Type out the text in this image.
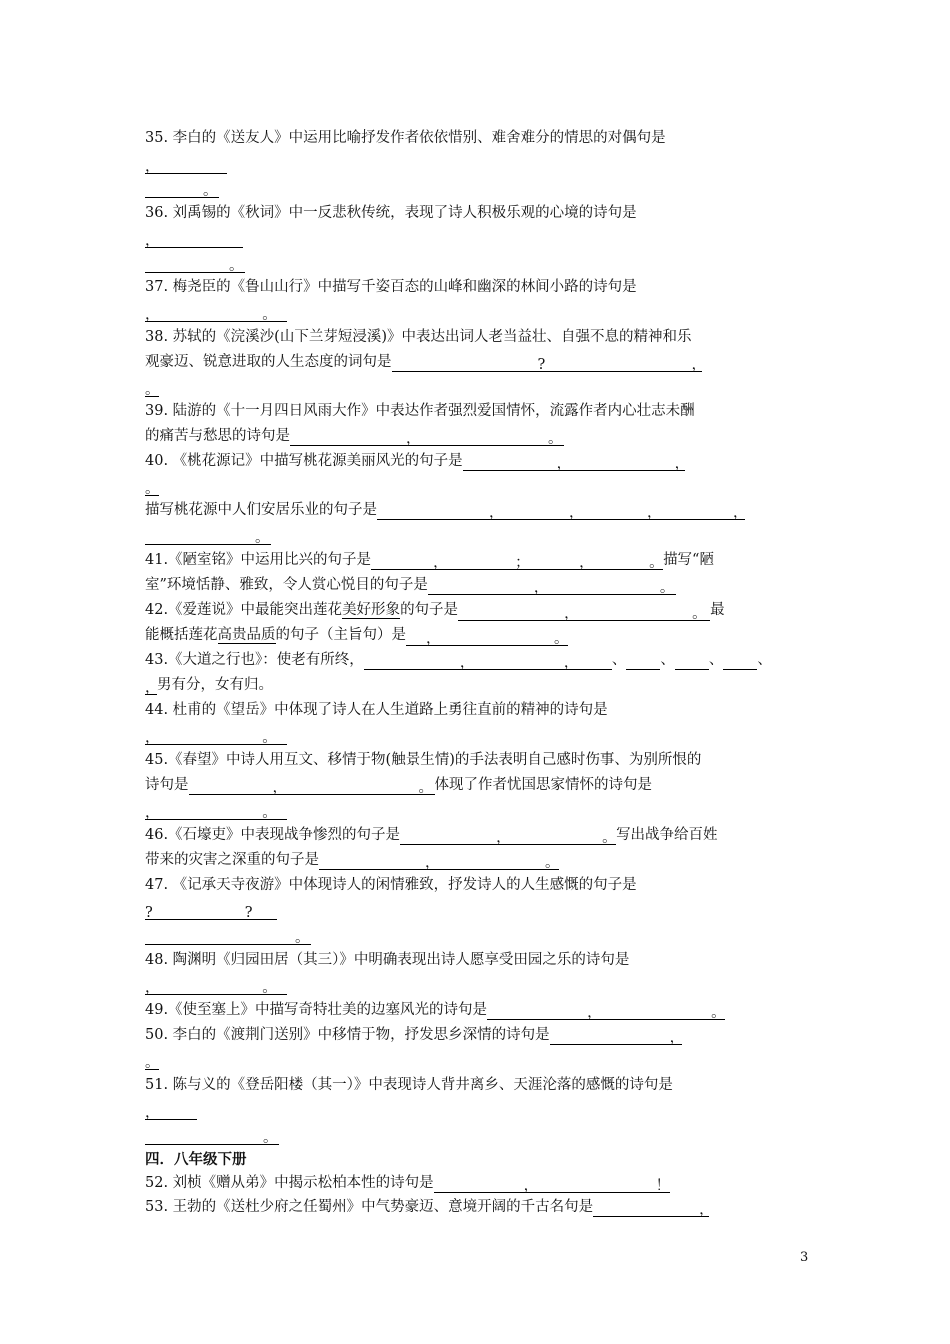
35. 李白的《送友人》中运用比喻抒发作者依依惜别、难舍难分的情思的对偶句是
，
。
36. 刘禹锡的《秋词》中一反悲秋传统，表现了诗人积极乐观的心境的诗句是
，
。
37. 梅尧臣的《鲁山山行》中描写千姿百态的山峰和幽深的林间小路的诗句是
，	。
38. 苏轼的《浣溪沙(山下兰芽短浸溪)》中表达出词人老当益壮、自强不息的精神和乐
观豪迈、锐意进取的人生态度的词句是	?	，
。
39. 陆游的《十一月四日风雨大作》中表达作者强烈爱国情怀，流露作者内心壮志未酬
的痛苦与愁思的诗句是	，	。
40. 《桃花源记》中描写桃花源美丽风光的句子是	，	，
。
描写桃花源中人们安居乐业的句子是	，	，	，	，
。
41.《陋室铭》中运用比兴的句子是	，	；	，	。描写“陋
室”环境恬静、雅致，令人赏心悦目的句子是	，	。
42.《爱莲说》中最能突出莲花美好形象的句子是	，	。 最
能概括莲花高贵品质的句子（主旨句）是 ，	。
43.《大道之行也》：使老有所终，	，	， 、 、 、 、
，男有分，女有归。
44. 杜甫的《望岳》中体现了诗人在人生道路上勇往直前的精神的诗句是
，	。
45.《春望》中诗人用互文、移情于物(触景生情)的手法表明自己感时伤事、为别所恨的
诗句是	，	。 体现了作者忧国思家情怀的诗句是
，	。
46.《石壕吏》中表现战争惨烈的句子是	，	。写出战争给百姓
带来的灾害之深重的句子是	，	。
47. 《记承天寺夜游》中体现诗人的闲情雅致，抒发诗人的人生感慨的句子是
?	?
。
48. 陶渊明《归园田居（其三）》中明确表现出诗人愿享受田园之乐的诗句是
，	。
49.《使至塞上》中描写奇特壮美的边塞风光的诗句是	，	。
50. 李白的《渡荆门送别》中移情于物，抒发思乡深情的诗句是	，
。
51. 陈与义的《登岳阳楼（其一）》中表现诗人背井离乡、天涯沦落的感慨的诗句是
，
。
四．八年级下册
52. 刘桢《赠从弟》中揭示松柏本性的诗句是	，	！
53. 王勃的《送杜少府之任蜀州》中气势豪迈、意境开阔的千古名句是	，
3
